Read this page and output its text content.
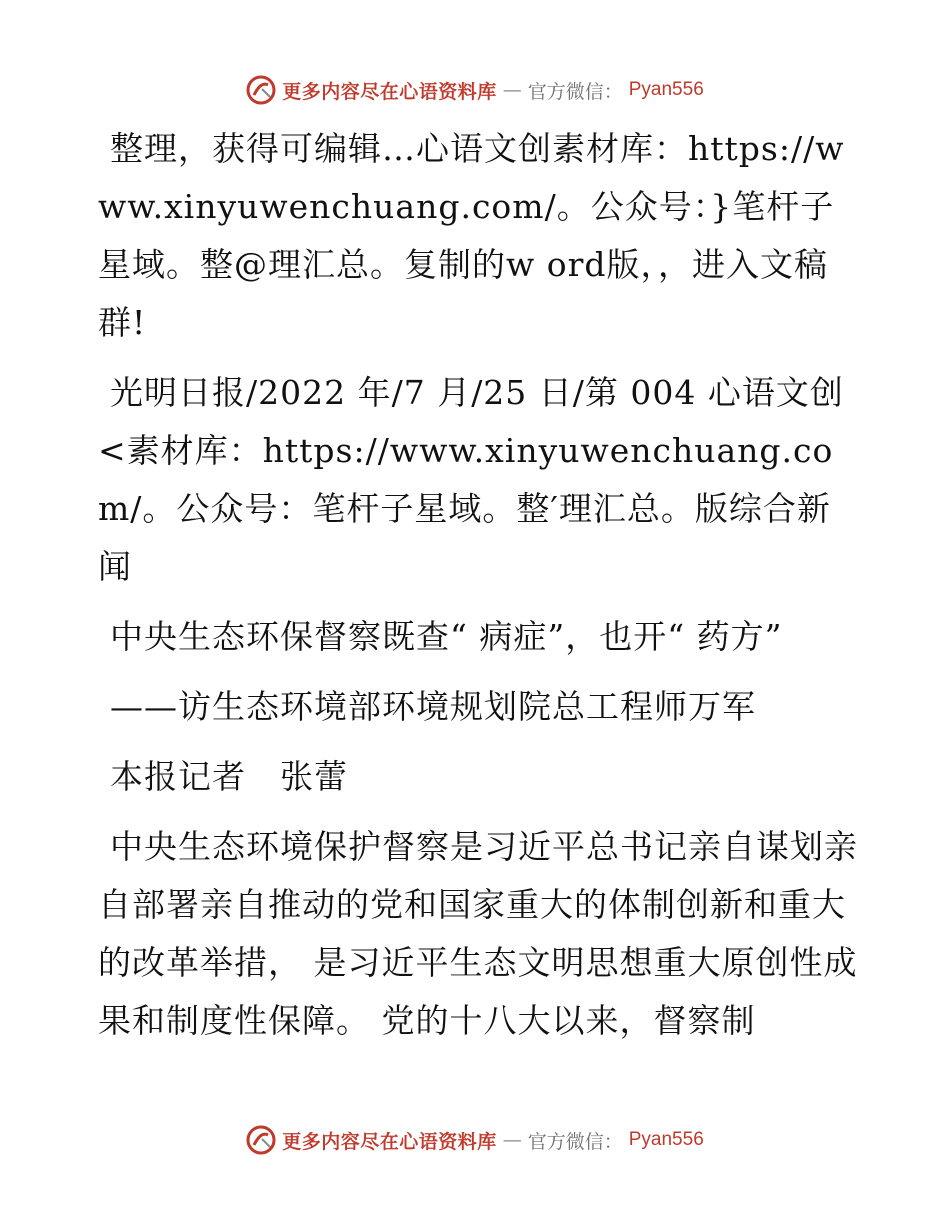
更多内容尽在心语资料库 — 官方微信： Pyan556

整理，获得可编辑…心语文创素材库：https://www.xinyuwenchuang.com/。公众号：}笔杆子星域。整@理汇总。复制的w ord版，，进入文稿群!

光明日报/2022 年/7 月/25 日/第 004 心语文创<素材库：https://www.xinyuwenchuang.com/。公众号：笔杆子星域。整′理汇总。版综合新闻

中央生态环保督察既查“ 病症”，也开“ 药方”

——访生态环境部环境规划院总工程师万军

本报记者　张蕾

中央生态环境保护督察是习近平总书记亲自谋划亲自部署亲自推动的党和国家重大的体制创新和重大的改革举措， 是习近平生态文明思想重大原创性成果和制度性保障。 党的十八大以来，督察制

更多内容尽在心语资料库 — 官方微信： Pyan556
